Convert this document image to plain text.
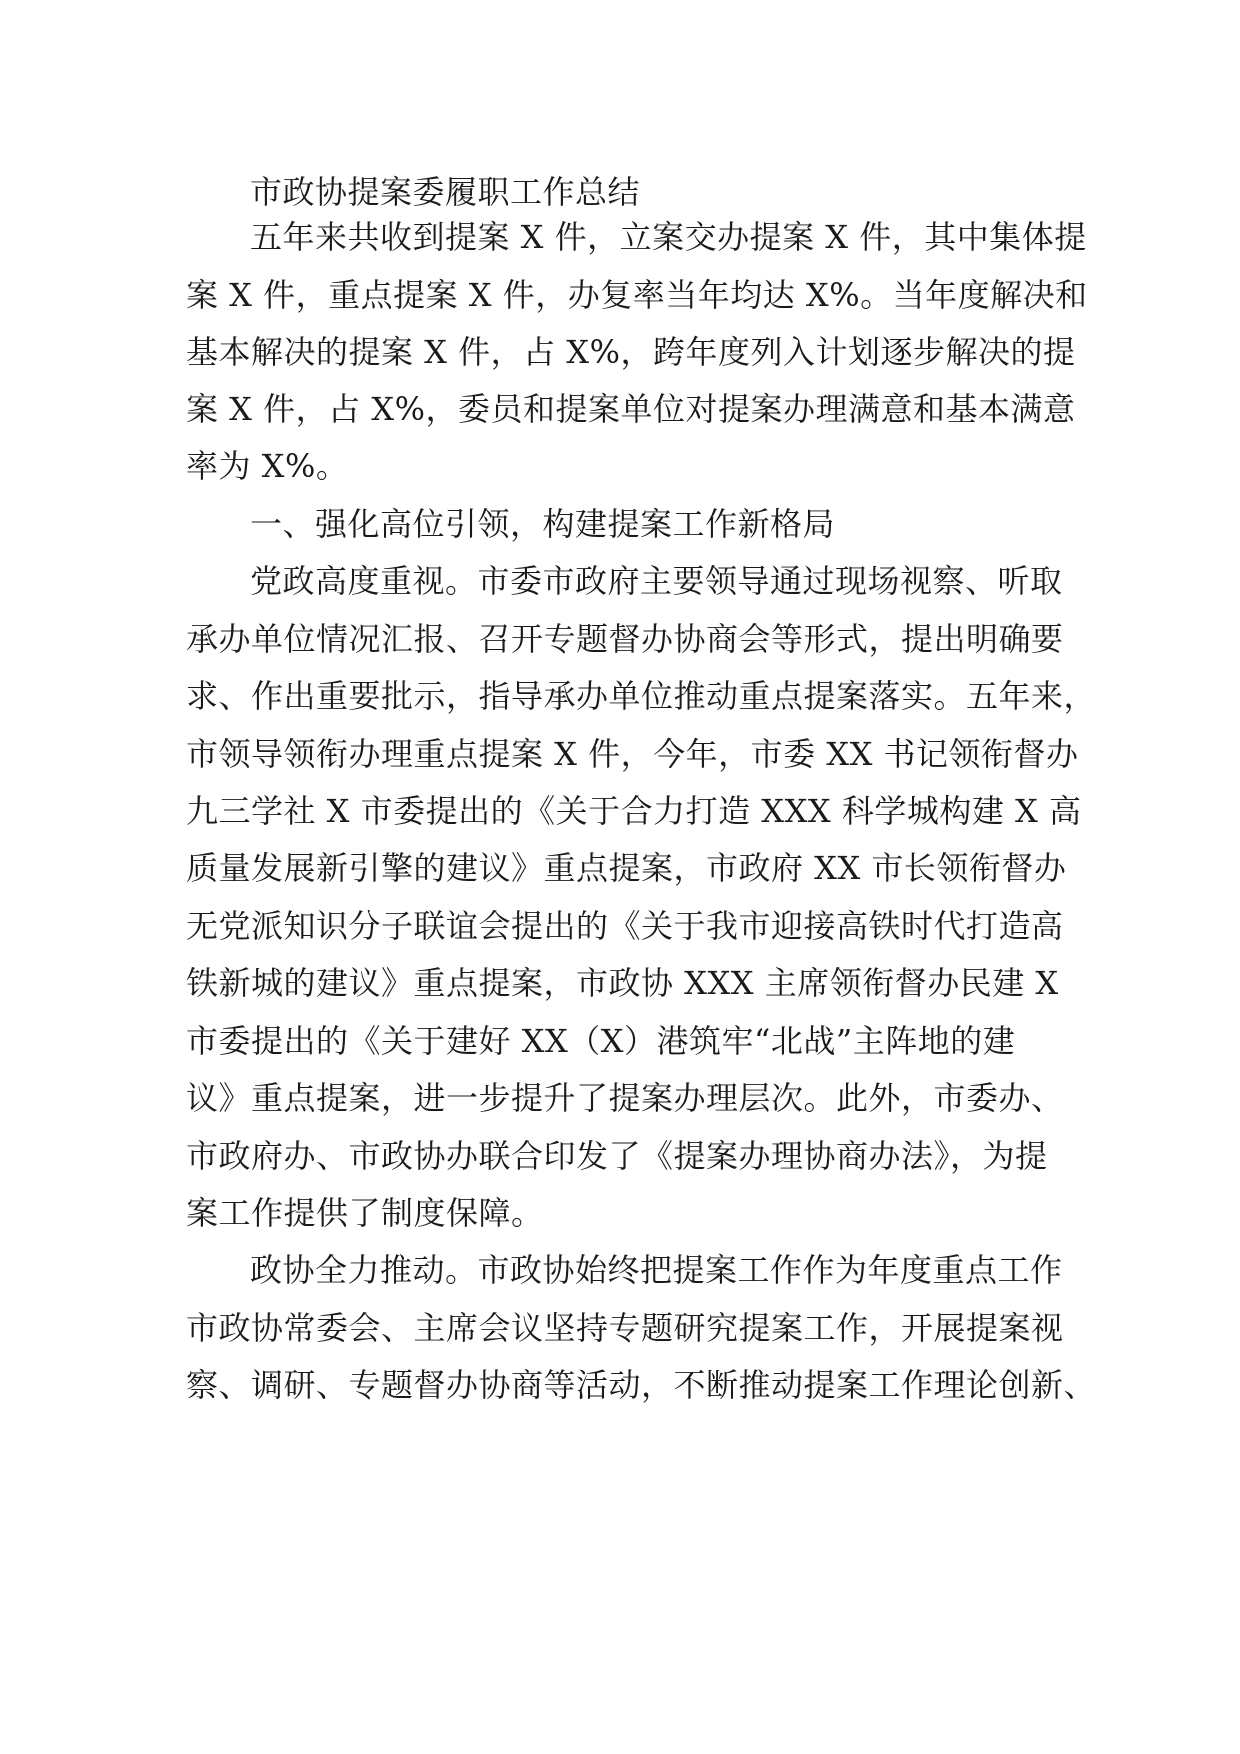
市政协提案委履职工作总结

五年来共收到提案 X 件，立案交办提案 X 件，其中集体提

案 X 件，重点提案 X 件，办复率当年均达 X%。当年度解决和

基本解决的提案 X 件，占 X%，跨年度列入计划逐步解决的提

案 X 件，占 X%，委员和提案单位对提案办理满意和基本满意

率为 X%。

一、强化高位引领，构建提案工作新格局

党政高度重视。市委市政府主要领导通过现场视察、听取

承办单位情况汇报、召开专题督办协商会等形式，提出明确要

求、作出重要批示，指导承办单位推动重点提案落实。五年来，

市领导领衔办理重点提案 X 件，今年，市委 XX 书记领衔督办

九三学社 X 市委提出的《关于合力打造 XXX 科学城构建 X 高

质量发展新引擎的建议》重点提案，市政府 XX 市长领衔督办

无党派知识分子联谊会提出的《关于我市迎接高铁时代打造高

铁新城的建议》重点提案，市政协 XXX 主席领衔督办民建 X

市委提出的《关于建好 XX（X）港筑牢“北战”主阵地的建

议》重点提案，进一步提升了提案办理层次。此外，市委办、

市政府办、市政协办联合印发了《提案办理协商办法》，为提

案工作提供了制度保障。

政协全力推动。市政协始终把提案工作作为年度重点工作

市政协常委会、主席会议坚持专题研究提案工作，开展提案视

察、调研、专题督办协商等活动，不断推动提案工作理论创新、
